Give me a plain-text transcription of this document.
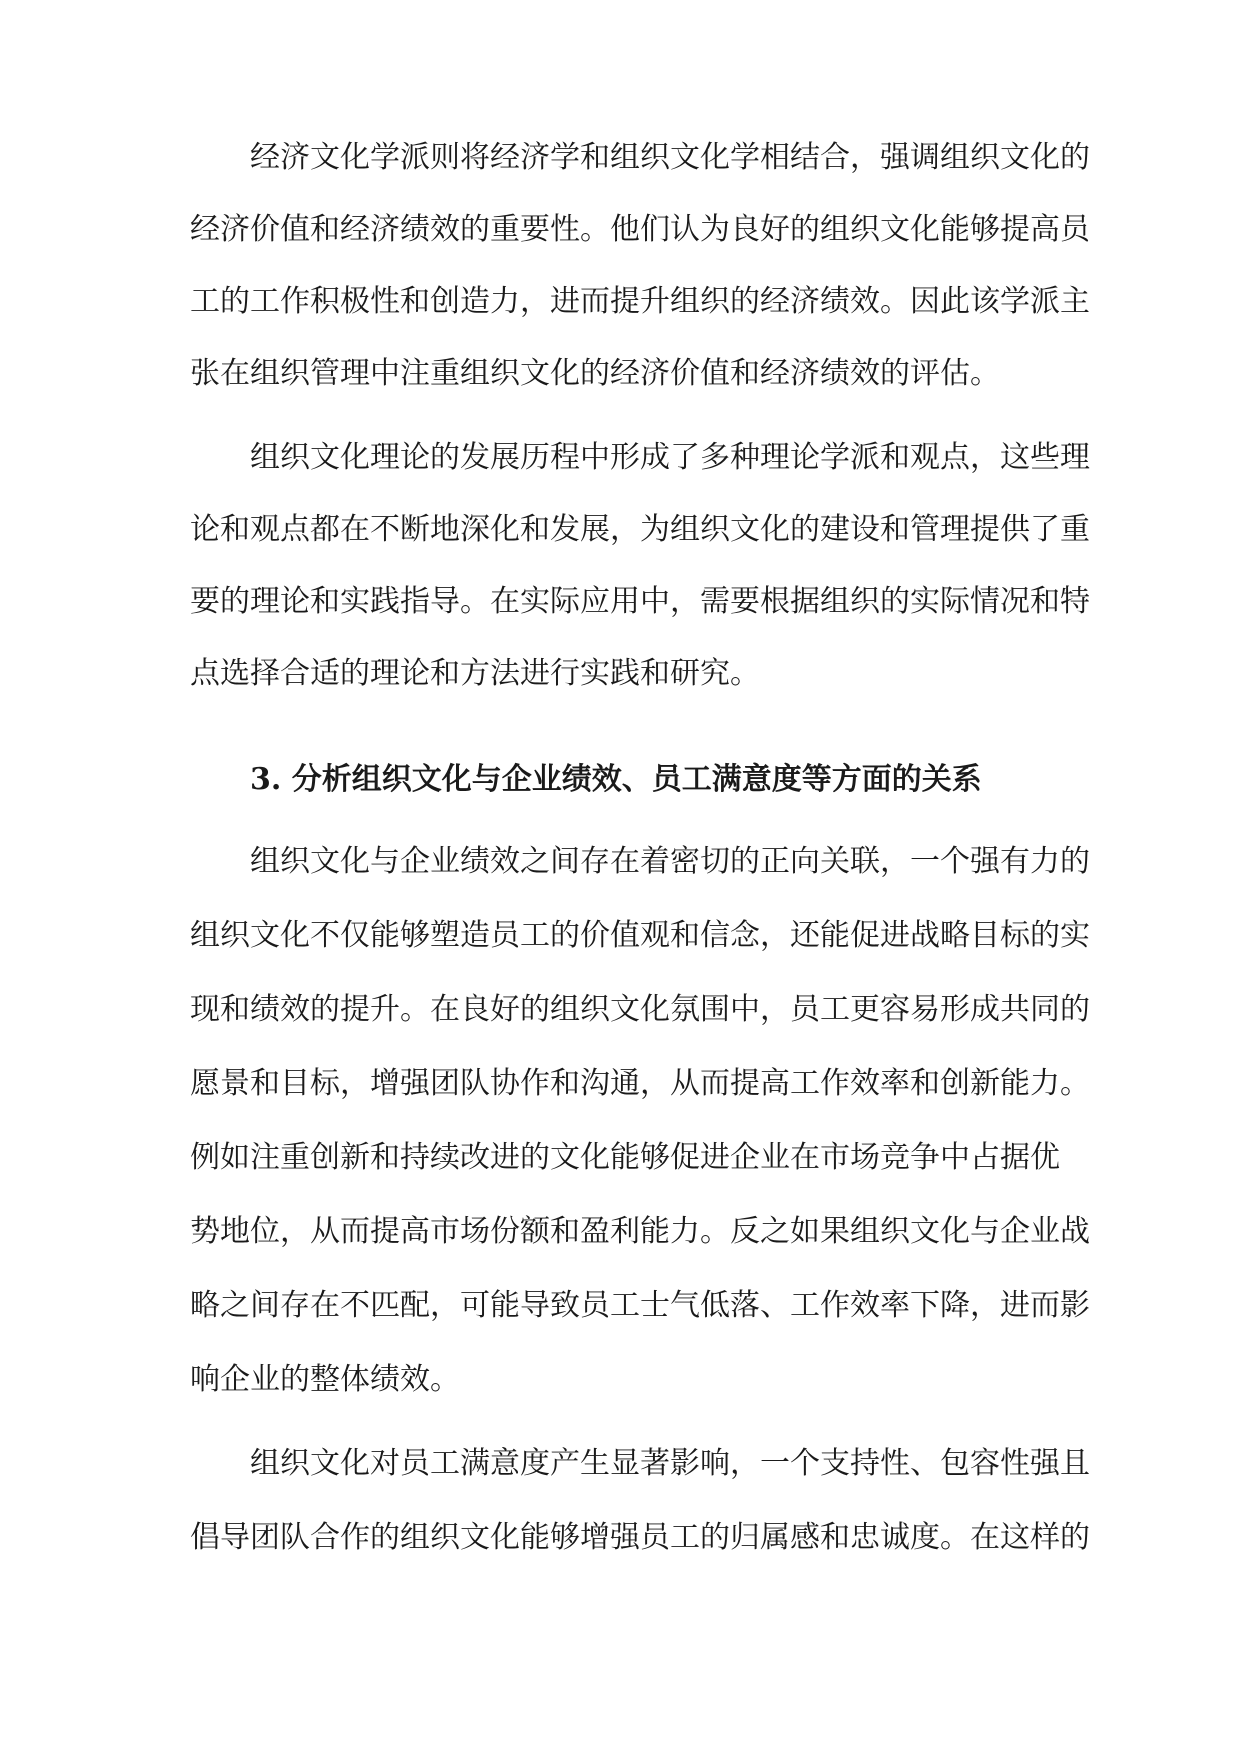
经济文化学派则将经济学和组织文化学相结合，强调组织文化的
经济价值和经济绩效的重要性。他们认为良好的组织文化能够提高员
工的工作积极性和创造力，进而提升组织的经济绩效。因此该学派主
张在组织管理中注重组织文化的经济价值和经济绩效的评估。
组织文化理论的发展历程中形成了多种理论学派和观点，这些理
论和观点都在不断地深化和发展，为组织文化的建设和管理提供了重
要的理论和实践指导。在实际应用中，需要根据组织的实际情况和特
点选择合适的理论和方法进行实践和研究。
3. 分析组织文化与企业绩效、员工满意度等方面的关系
组织文化与企业绩效之间存在着密切的正向关联，一个强有力的
组织文化不仅能够塑造员工的价值观和信念，还能促进战略目标的实
现和绩效的提升。在良好的组织文化氛围中，员工更容易形成共同的
愿景和目标，增强团队协作和沟通，从而提高工作效率和创新能力。
例如注重创新和持续改进的文化能够促进企业在市场竞争中占据优
势地位，从而提高市场份额和盈利能力。反之如果组织文化与企业战
略之间存在不匹配，可能导致员工士气低落、工作效率下降，进而影
响企业的整体绩效。
组织文化对员工满意度产生显著影响，一个支持性、包容性强且
倡导团队合作的组织文化能够增强员工的归属感和忠诚度。在这样的
